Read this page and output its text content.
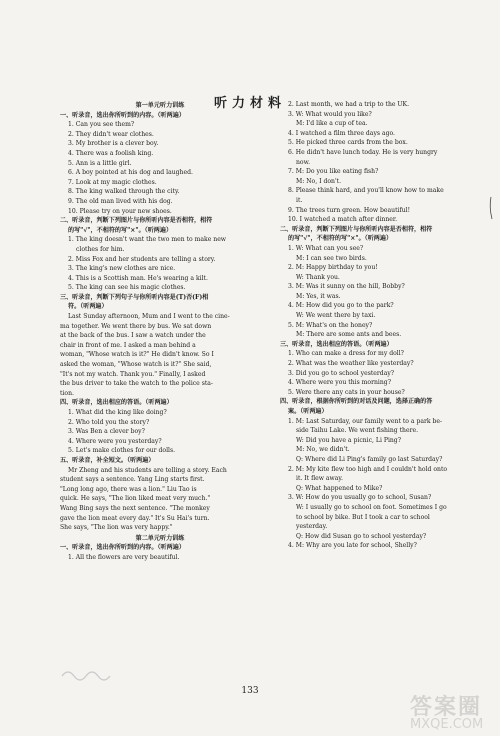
听力材料
第一单元听力训练
一、听录音，选出你所听到的内容。（听两遍）
1. Can you see them?
2. They didn't wear clothes.
3. My brother is a clever boy.
4. There was a foolish king.
5. Ann is a little girl.
6. A boy pointed at his dog and laughed.
7. Look at my magic clothes.
8. The king walked through the city.
9. The old man lived with his dog.
10. Please try on your new shoes.
二、听录音，判断下列图片与你所听内容是否相符，相符
的写"√"，不相符的写"×"。（听两遍）
1. The king doesn't want the two men to make new
clothes for him.
2. Miss Fox and her students are telling a story.
3. The king's new clothes are nice.
4. This is a Scottish man. He's wearing a kilt.
5. The king can see his magic clothes.
三、听录音，判断下列句子与你所听内容是(T)否(F)相
符。（听两遍）
Last Sunday afternoon, Mum and I went to the cine-
ma together. We went there by bus. We sat down
at the back of the bus. I saw a watch under the
chair in front of me. I asked a man behind a
woman, "Whose watch is it?" He didn't know. So I
asked the woman, "Whose watch is it?" She said,
"It's not my watch. Thank you." Finally, I asked
the bus driver to take the watch to the police sta-
tion.
四、听录音，选出相应的答语。（听两遍）
1. What did the king like doing?
2. Who told you the story?
3. Was Ben a clever boy?
4. Where were you yesterday?
5. Let's make clothes for our dolls.
五、听录音，补全短文。（听两遍）
Mr Zheng and his students are telling a story. Each
student says a sentence. Yang Ling starts first.
"Long long ago, there was a lion." Liu Tao is
quick. He says, "The lion liked meat very much."
Wang Bing says the next sentence. "The monkey
gave the lion meat every day." It's Su Hai's turn.
She says, "The lion was very happy."
第二单元听力训练
一、听录音，选出你所听到的内容。（听两遍）
1. All the flowers are very beautiful.
2. Last month, we had a trip to the UK.
3. W: What would you like?
M: I'd like a cup of tea.
4. I watched a film three days ago.
5. He picked three cards from the box.
6. He didn't have lunch today. He is very hungry
now.
7. M: Do you like eating fish?
M: No, I don't.
8. Please think hard, and you'll know how to make
it.
9. The trees turn green. How beautiful!
10. I watched a match after dinner.
二、听录音，判断下列图片与你所听内容是否相符，相符
的写"√"，不相符的写"×"。（听两遍）
1. W: What can you see?
M: I can see two birds.
2. M: Happy birthday to you!
W: Thank you.
3. M: Was it sunny on the hill, Bobby?
M: Yes, it was.
4. M: How did you go to the park?
W: We went there by taxi.
5. M: What's on the honey?
M: There are some ants and bees.
三、听录音，选出相应的答语。（听两遍）
1. Who can make a dress for my doll?
2. What was the weather like yesterday?
3. Did you go to school yesterday?
4. Where were you this morning?
5. Were there any cats in your house?
四、听录音，根据你所听到的对话及问题，选择正确的答
案。（听两遍）
1. M: Last Saturday, our family went to a park be-
side Taihu Lake. We went fishing there.
W: Did you have a picnic, Li Ping?
M: No, we didn't.
Q: Where did Li Ping's family go last Saturday?
2. M: My kite flew too high and I couldn't hold onto
it. It flew away.
Q: What happened to Mike?
3. W: How do you usually go to school, Susan?
W: I usually go to school on foot. Sometimes I go
to school by bike. But I took a car to school
yesterday.
Q: How did Susan go to school yesterday?
4. M: Why are you late for school, Shelly?
133
答案圈
MXQE.COM
